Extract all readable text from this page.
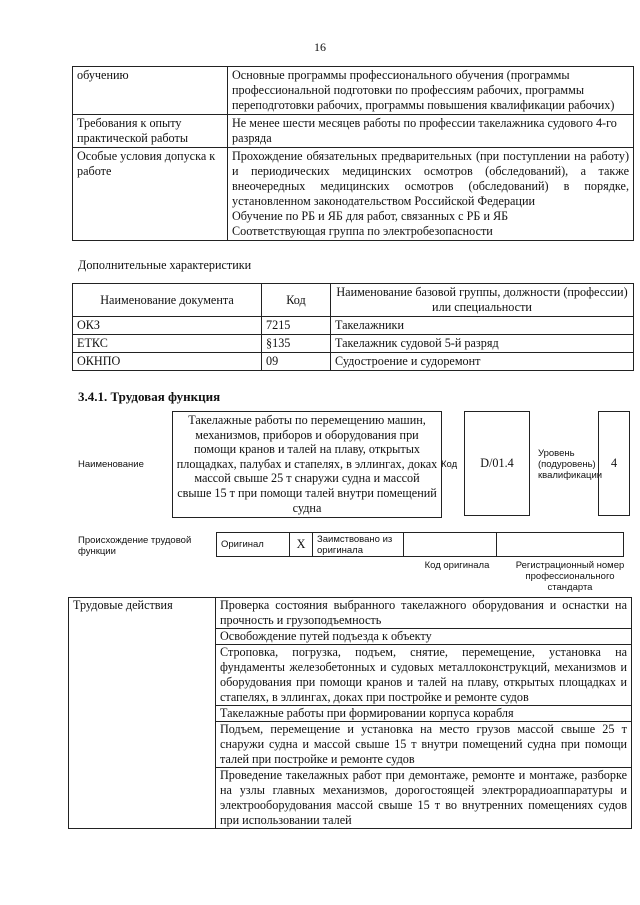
16
обучению	Основные программы профессионального обучения (программы профессиональной подготовки по профессиям рабочих, программы переподготовки рабочих, программы повышения квалификации рабочих)
Требования к опыту практической работы	Не менее шести месяцев работы по профессии такелажника судового 4-го разряда
Особые условия допуска к работе	Прохождение обязательных предварительных (при поступлении на работу) и периодических медицинских осмотров (обследований), а также внеочередных медицинских осмотров (обследований) в порядке, установленном законодательством Российской Федерации
Обучение по РБ и ЯБ для работ, связанных с РБ и ЯБ
Соответствующая группа по электробезопасности
Дополнительные характеристики
Наименование документа	Код	Наименование базовой группы, должности (профессии) или специальности
ОКЗ	7215	Такелажники
ЕТКС	§135	Такелажник судовой 5-й разряд
ОКНПО	09	Судостроение и судоремонт
3.4.1. Трудовая функция
Наименование
Такелажные работы по перемещению машин, механизмов, приборов и оборудования при помощи кранов и талей на плаву, открытых площадках, палубах и стапелях, в эллингах, доках массой свыше 25 т снаружи судна и массой свыше 15 т при помощи талей внутри помещений судна
Код	D/01.4
Уровень (подуровень) квалификации
4
Происхождение трудовой функции
Оригинал	X	Заимствовано из оригинала		
Код оригинала	Регистрационный номер профессионального стандарта
Трудовые действия	Проверка состояния выбранного такелажного оборудования и оснастки на прочность и грузоподъемность
Освобождение путей подъезда к объекту
Строповка, погрузка, подъем, снятие, перемещение, установка на фундаменты железобетонных и судовых металлоконструкций, механизмов и оборудования при помощи кранов и талей на плаву, открытых площадках и стапелях, в эллингах, доках при постройке и ремонте судов
Такелажные работы при формировании корпуса корабля
Подъем, перемещение и установка на место грузов массой свыше 25 т снаружи судна и массой свыше 15 т внутри помещений судна при помощи талей при постройке и ремонте судов
Проведение такелажных работ при демонтаже, ремонте и монтаже, разборке на узлы главных механизмов, дорогостоящей электрорадиоаппаратуры и электрооборудования массой свыше 15 т во внутренних помещениях судов при использовании талей
